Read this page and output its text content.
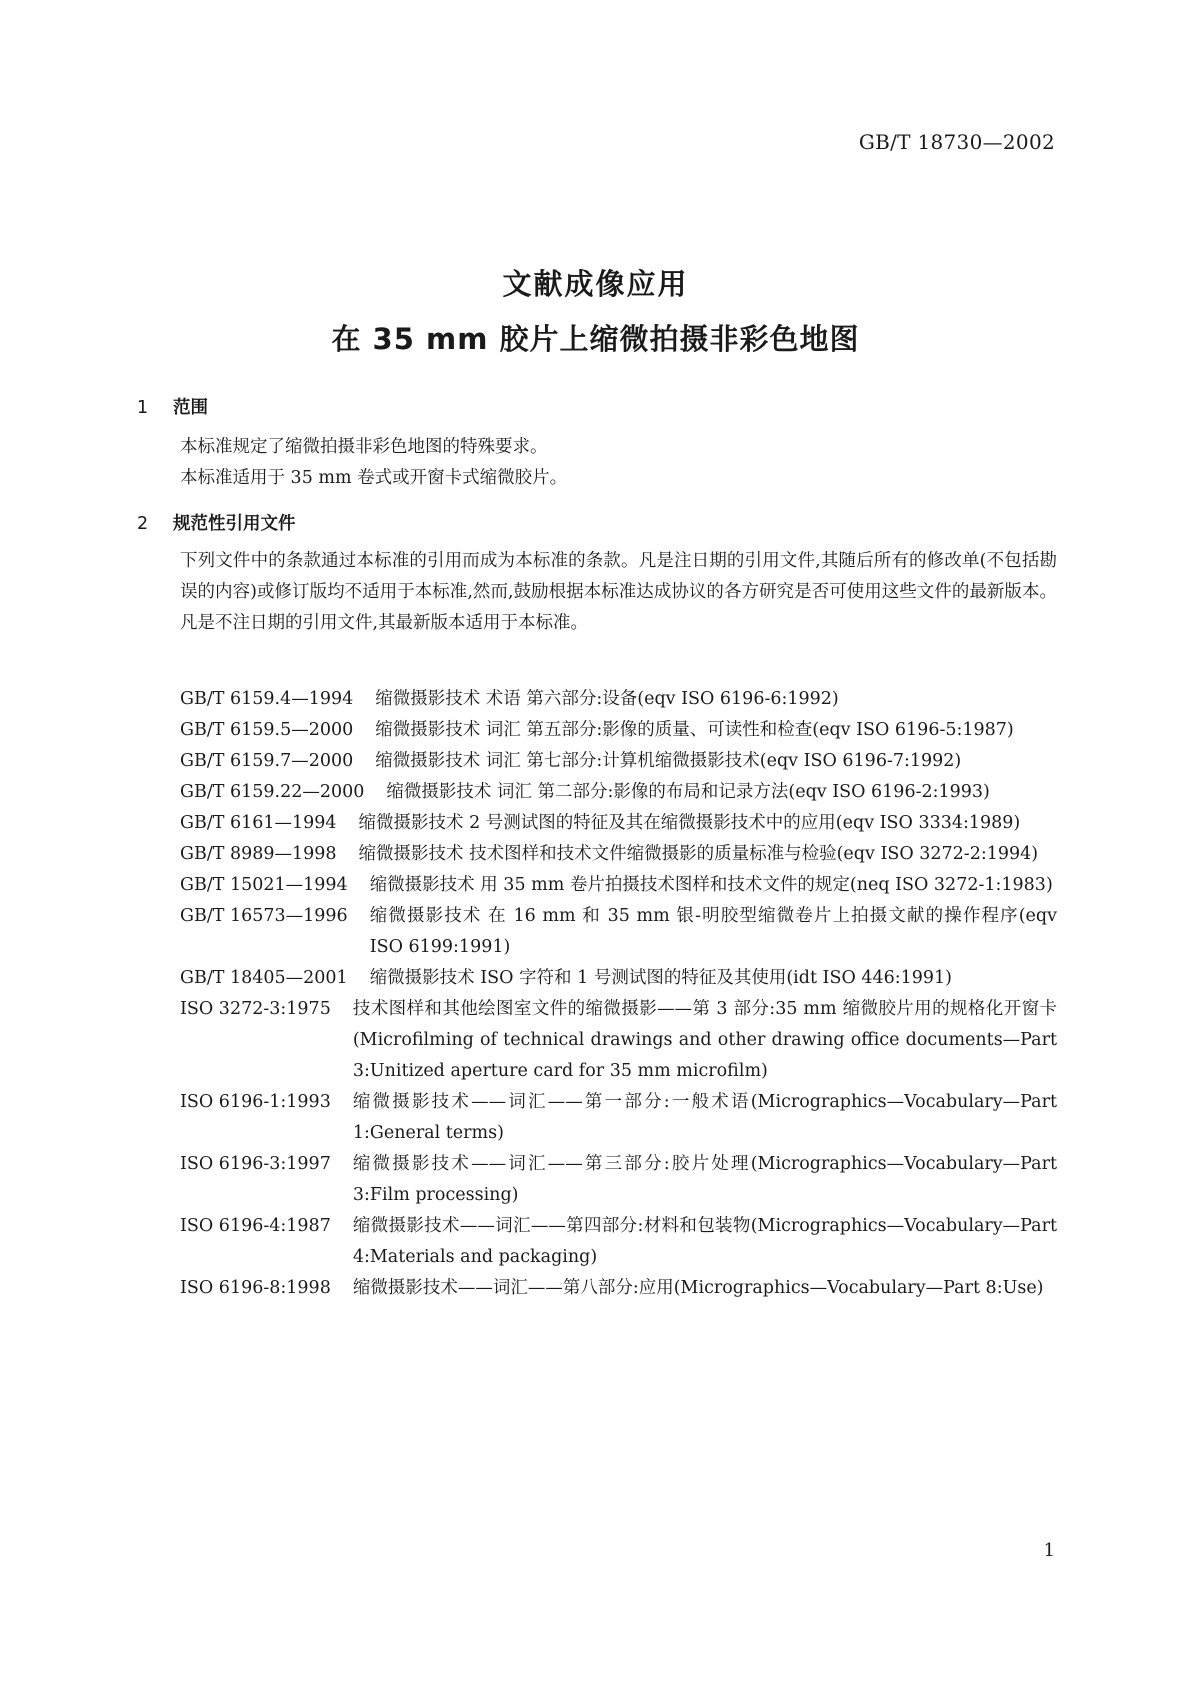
GB/T 18730—2002
文献成像应用
在 35 mm 胶片上缩微拍摄非彩色地图
1 范围
本标准规定了缩微拍摄非彩色地图的特殊要求。
本标准适用于 35 mm 卷式或开窗卡式缩微胶片。
2 规范性引用文件
下列文件中的条款通过本标准的引用而成为本标准的条款。凡是注日期的引用文件,其随后所有的修改单(不包括勘误的内容)或修订版均不适用于本标准,然而,鼓励根据本标准达成协议的各方研究是否可使用这些文件的最新版本。凡是不注日期的引用文件,其最新版本适用于本标准。
GB/T 6159.4—1994	缩微摄影技术 术语 第六部分:设备(eqv ISO 6196-6:1992)
GB/T 6159.5—2000	缩微摄影技术 词汇 第五部分:影像的质量、可读性和检查(eqv ISO 6196-5:1987)
GB/T 6159.7—2000	缩微摄影技术 词汇 第七部分:计算机缩微摄影技术(eqv ISO 6196-7:1992)
GB/T 6159.22—2000	缩微摄影技术 词汇 第二部分:影像的布局和记录方法(eqv ISO 6196-2:1993)
GB/T 6161—1994	缩微摄影技术 2 号测试图的特征及其在缩微摄影技术中的应用(eqv ISO 3334:1989)
GB/T 8989—1998	缩微摄影技术 技术图样和技术文件缩微摄影的质量标准与检验(eqv ISO 3272-2:1994)
GB/T 15021—1994	缩微摄影技术 用 35 mm 卷片拍摄技术图样和技术文件的规定(neq ISO 3272-1:1983)
GB/T 16573—1996	缩微摄影技术 在 16 mm 和 35 mm 银-明胶型缩微卷片上拍摄文献的操作程序(eqv ISO 6199:1991)
GB/T 18405—2001	缩微摄影技术 ISO 字符和 1 号测试图的特征及其使用(idt ISO 446:1991)
ISO 3272-3:1975	技术图样和其他绘图室文件的缩微摄影——第 3 部分:35 mm 缩微胶片用的规格化开窗卡(Microfilming of technical drawings and other drawing office documents—Part 3:Unitized aperture card for 35 mm microfilm)
ISO 6196-1:1993	缩微摄影技术——词汇——第一部分:一般术语(Micrographics—Vocabulary—Part 1:General terms)
ISO 6196-3:1997	缩微摄影技术——词汇——第三部分:胶片处理(Micrographics—Vocabulary—Part 3:Film processing)
ISO 6196-4:1987	缩微摄影技术——词汇——第四部分:材料和包装物(Micrographics—Vocabulary—Part 4:Materials and packaging)
ISO 6196-8:1998	缩微摄影技术——词汇——第八部分:应用(Micrographics—Vocabulary—Part 8:Use)
1
